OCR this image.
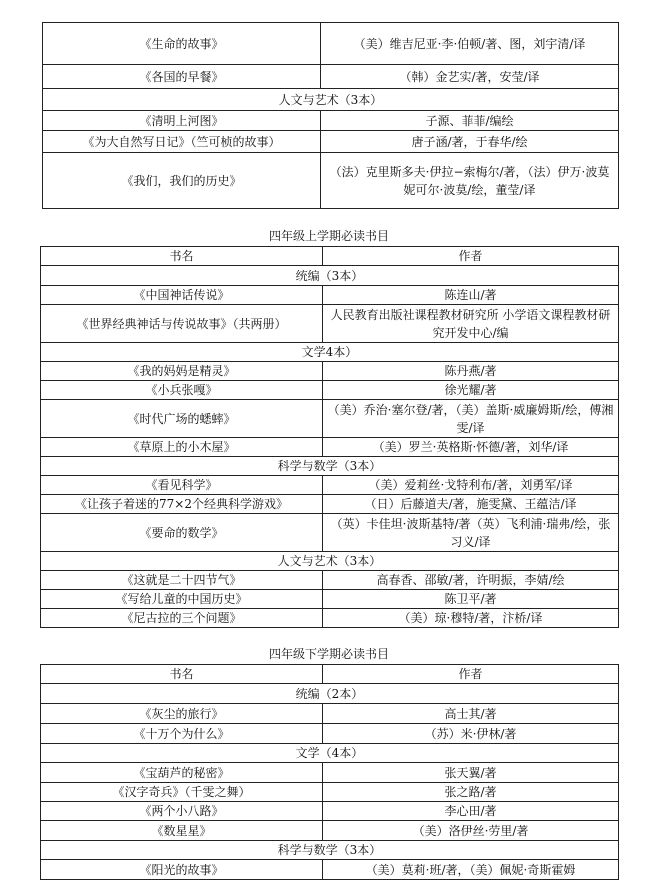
《生命的故事》	（美）维吉尼亚·李·伯顿/著、图，刘宇清/译
《各国的早餐》	（韩）金艺实/著，安莹/译
人文与艺术（3本）	
《清明上河图》	子源、菲菲/编绘
《为大自然写日记》（竺可桢的故事）	唐子涵/著，于春华/绘
《我们，我们的历史》	（法）克里斯多夫·伊拉−索梅尔/著，（法）伊万·波莫 妮可尔·波莫/绘，董莹/译
四年级上学期必读书目
书名	作者
统编（3本）	
《中国神话传说》	陈连山/著
《世界经典神话与传说故事》（共两册）	人民教育出版社课程教材研究所 小学语文课程教材研究开发中心/编
文学4本）	
《我的妈妈是精灵》	陈丹燕/著
《小兵张嘎》	徐光耀/著
《时代广场的蟋蟀》	（美）乔治·塞尔登/著，（美）盖斯·威廉姆斯/绘，傅湘雯/译
《草原上的小木屋》	（美）罗兰·英格斯·怀德/著，刘华/译
科学与数学（3本）	
《看见科学》	（美）爱莉丝·戈特利布/著，刘勇军/译
《让孩子着迷的77×2个经典科学游戏》	（日）后藤道夫/著，施雯黛、王蕴洁/译
《要命的数学》	（英）卡佳坦·波斯基特/著（英）飞利浦·瑞弗/绘，张习义/译
人文与艺术（3本）	
《这就是二十四节气》	高春香、邵敏/著，许明振，李婧/绘
《写给儿童的中国历史》	陈卫平/著
《尼古拉的三个问题》	（美）琼·穆特/著，汴桥/译
四年级下学期必读书目
书名	作者
统编（2本）	
《灰尘的旅行》	高士其/著
《十万个为什么》	（苏）米·伊林/著
文学（4本）	
《宝葫芦的秘密》	张天翼/著
《汉字奇兵》（千雯之舞）	张之路/著
《两个小八路》	李心田/著
《数星星》	（美）洛伊丝·劳里/著
科学与数学（3本）	
《阳光的故事》	（美）莫莉·班/著，（美）佩妮·奇斯霍姆
